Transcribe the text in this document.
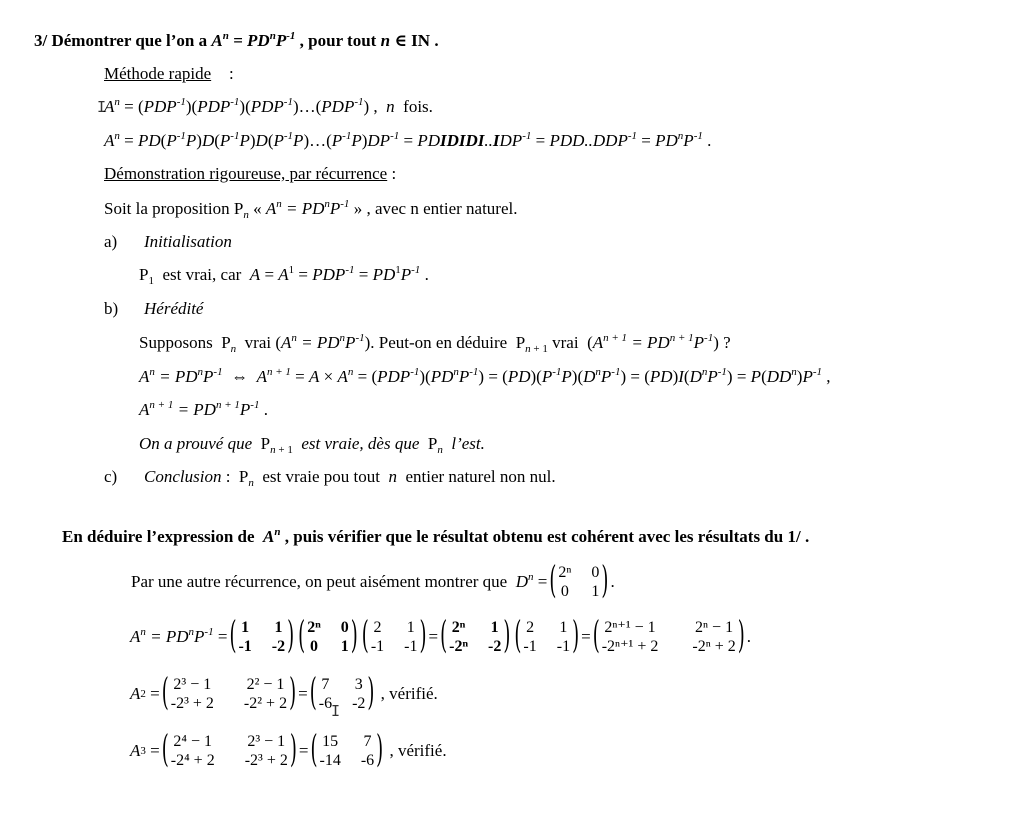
3/ Démontrer que l’on a $A^n = PD^nP^{-1}$ , pour tout n ∈ IN .
Méthode rapide :
I
$A^n$ = $(PDP^{-1})(PDP^{-1})(PDP^{-1})\dots(PDP^{-1})$ ,  n  fois.
$A^n$ = $PD(P^{-1}P)D(P^{-1}P)D(P^{-1}P)\dots(P^{-1}P)DP^{-1}$ = $PDIDIDI..IDP^{-1} = PDD..DDP^{-1} = PD^nP^{-1}$ .
Démonstration rigoureuse, par récurrence :
Soit la proposition $P_n$ « $A^n = PD^nP^{-1}$ » , avec n entier naturel.
a) Initialisation
$P_1$ est vrai, car $A = A^1 = PDP^{-1} = PD^1P^{-1}$ .
b) Hérédité
Supposons  $P_n$ vrai $(A^n = PD^nP^{-1})$. Peut-on en déduire  $P_{n + 1}$ vrai  $(A^{n + 1} = PD^{n + 1}P^{-1})$ ?
$A^n = PD^nP^{-1}$  ⇔  $A^{n + 1} = A \times A^n = (PDP^{-1})(PD^nP^{-1}) = (PD)(P^{-1}P)(D^nP^{-1}) = (PD)I(D^nP^{-1}) = P(DD^n)P^{-1}$ ,
$A^{n + 1} = PD^{n + 1}P^{-1}$ .
On a prouvé que $P_{n + 1}$ est vraie, dès que $P_n$ l’est.
c) Conclusion :  $P_n$  est vraie pou tout  n  entier naturel non nul.
En déduire l’expression de  $A^n$ , puis vérifier que le résultat obtenu est cohérent avec les résultats du 1/ .
Par une autre récurrence, on peut aisément montrer que
$D^n$ = ( 2ⁿ 0
0 1 ) .
$A^n = PD^nP^{-1}$ = ( 1 1
-1 -2 ) ( 2ⁿ 0
0 1 ) ( 2 1
-1 -1 ) = ( 2ⁿ 1
-2ⁿ -2 ) ( 2 1
-1 -1 ) = ( 2ⁿ⁺¹ − 1 2ⁿ − 1
-2ⁿ⁺¹ + 2 -2ⁿ + 2 ) .
A 2 = ( 2³ − 1 2² − 1
-2³ + 2 -2² + 2 ) = ( 7 3
-6 -2 )
, vérifié.
I
A 3 = ( 2⁴ − 1 2³ − 1
-2⁴ + 2 -2³ + 2 ) = ( 15 7
-14 -6 )
, vérifié.
